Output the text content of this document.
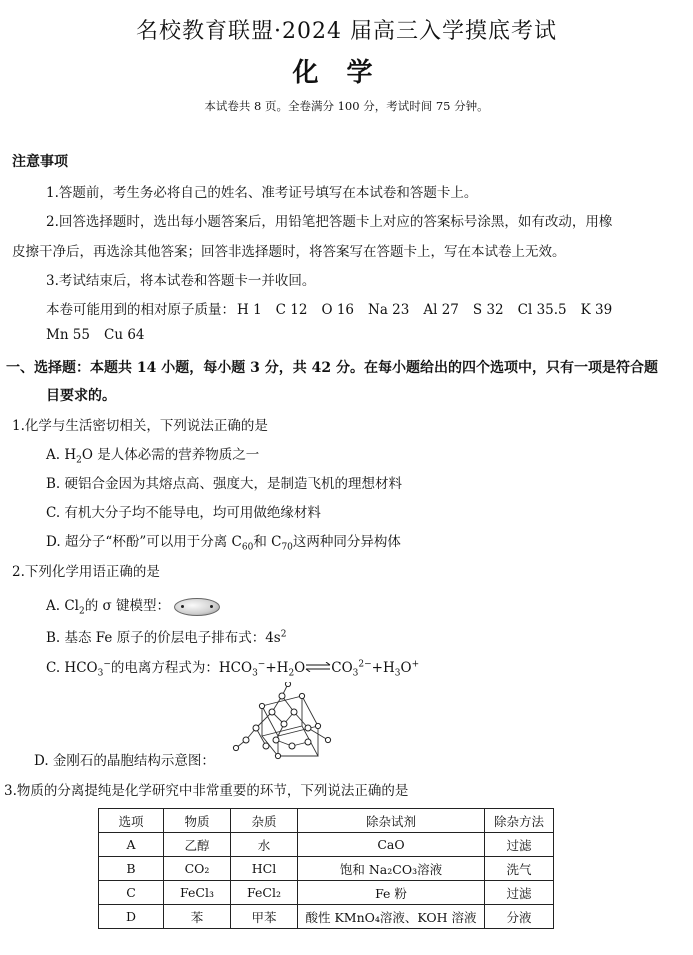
名校教育联盟·2024 届高三入学摸底考试
化学
本试卷共 8 页。全卷满分 100 分，考试时间 75 分钟。
注意事项
1.答题前，考生务必将自己的姓名、准考证号填写在本试卷和答题卡上。
2.回答选择题时，选出每小题答案后，用铅笔把答题卡上对应的答案标号涂黑，如有改动，用橡
皮擦干净后，再选涂其他答案；回答非选择题时，将答案写在答题卡上，写在本试卷上无效。
3.考试结束后，将本试卷和答题卡一并收回。
本卷可能用到的相对原子质量： H 1 C 12 O 16 Na 23 Al 27 S 32 Cl 35.5 K 39
Mn 55 Cu 64
一、选择题：本题共 14 小题，每小题 3 分，共 42 分。在每小题给出的四个选项中，只有一项是符合题
目要求的。
1.化学与生活密切相关，下列说法正确的是
A. $H_2O$ 是人体必需的营养物质之一
B. 硬铝合金因为其熔点高、强度大，是制造飞机的理想材料
C. 有机大分子均不能导电，均可用做绝缘材料
D. 超分子“杯酚”可以用于分离 $C_{60}$和 $C_{70}$这两种同分异构体
2.下列化学用语正确的是
A. $Cl_2$的 σ 键模型：
B. 基态 Fe 原子的价层电子排布式：$4s^2$
C. $HCO_3^-$的电离方程式为：$HCO_3^-+H_2O\rightleftharpoons CO_3^{2-}+H_3O^+$
D. 金刚石的晶胞结构示意图：
3.物质的分离提纯是化学研究中非常重要的环节，下列说法正确的是
选项	物质	杂质	除杂试剂	除杂方法
A	乙醇	水	CaO	过滤
B	CO₂	HCl	饱和 Na₂CO₃溶液	洗气
C	FeCl₃	FeCl₂	Fe 粉	过滤
D	苯	甲苯	酸性 KMnO₄溶液、KOH 溶液	分液
